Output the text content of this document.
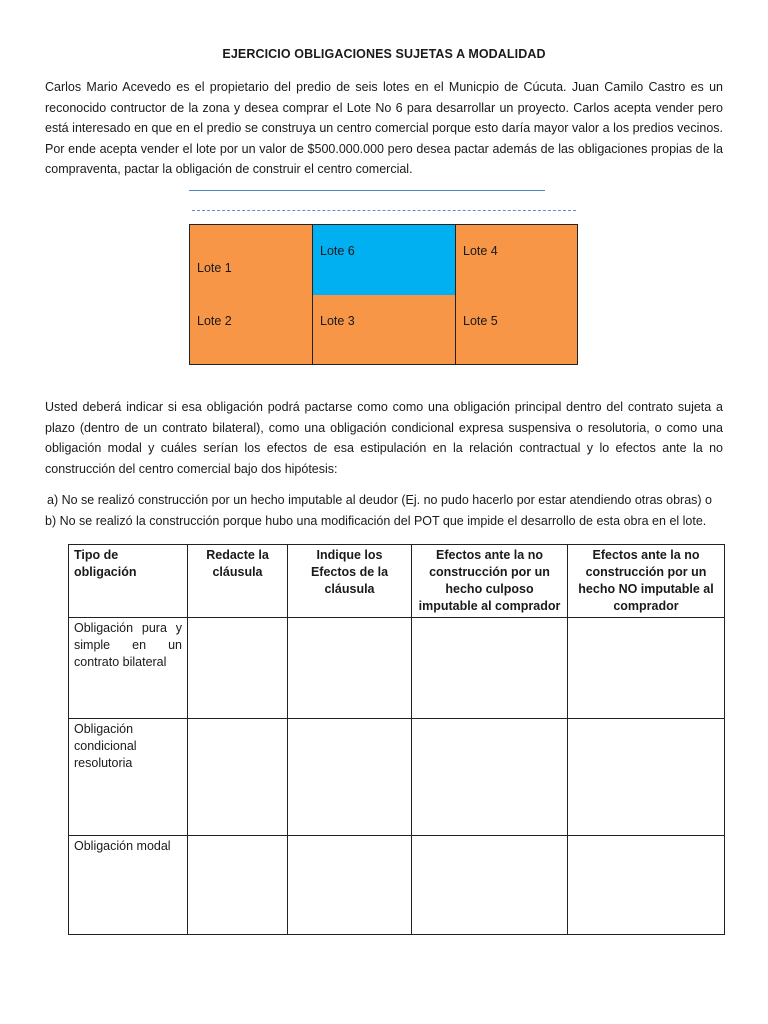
EJERCICIO OBLIGACIONES SUJETAS A MODALIDAD
Carlos Mario Acevedo es el propietario del predio de seis lotes en el Municpio de Cúcuta. Juan Camilo Castro es un reconocido contructor de la zona y desea comprar el Lote No 6 para desarrollar un proyecto. Carlos acepta vender pero está interesado en que en el predio se construya un centro comercial porque esto daría mayor valor a los predios vecinos. Por ende acepta vender el lote por un valor de $500.000.000 pero desea pactar además de las obligaciones propias de la compraventa, pactar la obligación de construir el centro comercial.
Lote 1
Lote 2
Lote 6
Lote 3
Lote 4
Lote 5
Usted deberá indicar si esa obligación podrá pactarse como como una obligación principal dentro del contrato sujeta a plazo (dentro de un contrato bilateral), como una obligación condicional expresa suspensiva o resolutoria, o como una obligación modal y cuáles serían los efectos de esa estipulación en la relación contractual y lo efectos ante la no construcción del centro comercial bajo dos hipótesis:
a) No se realizó construcción por un hecho imputable al deudor (Ej. no pudo hacerlo por estar atendiendo otras obras) o
b) No se realizó la construcción porque hubo una modificación del POT que impide el desarrollo de esta obra en el lote.
Tipo de obligación	Redacte la cláusula	Indique los Efectos de la cláusula	Efectos ante la no construcción por un hecho culposo imputable al comprador	Efectos ante la no construcción por un hecho NO imputable al comprador
Obligación pura y simple en un contrato bilateral				
Obligación condicional resolutoria				
Obligación modal				
